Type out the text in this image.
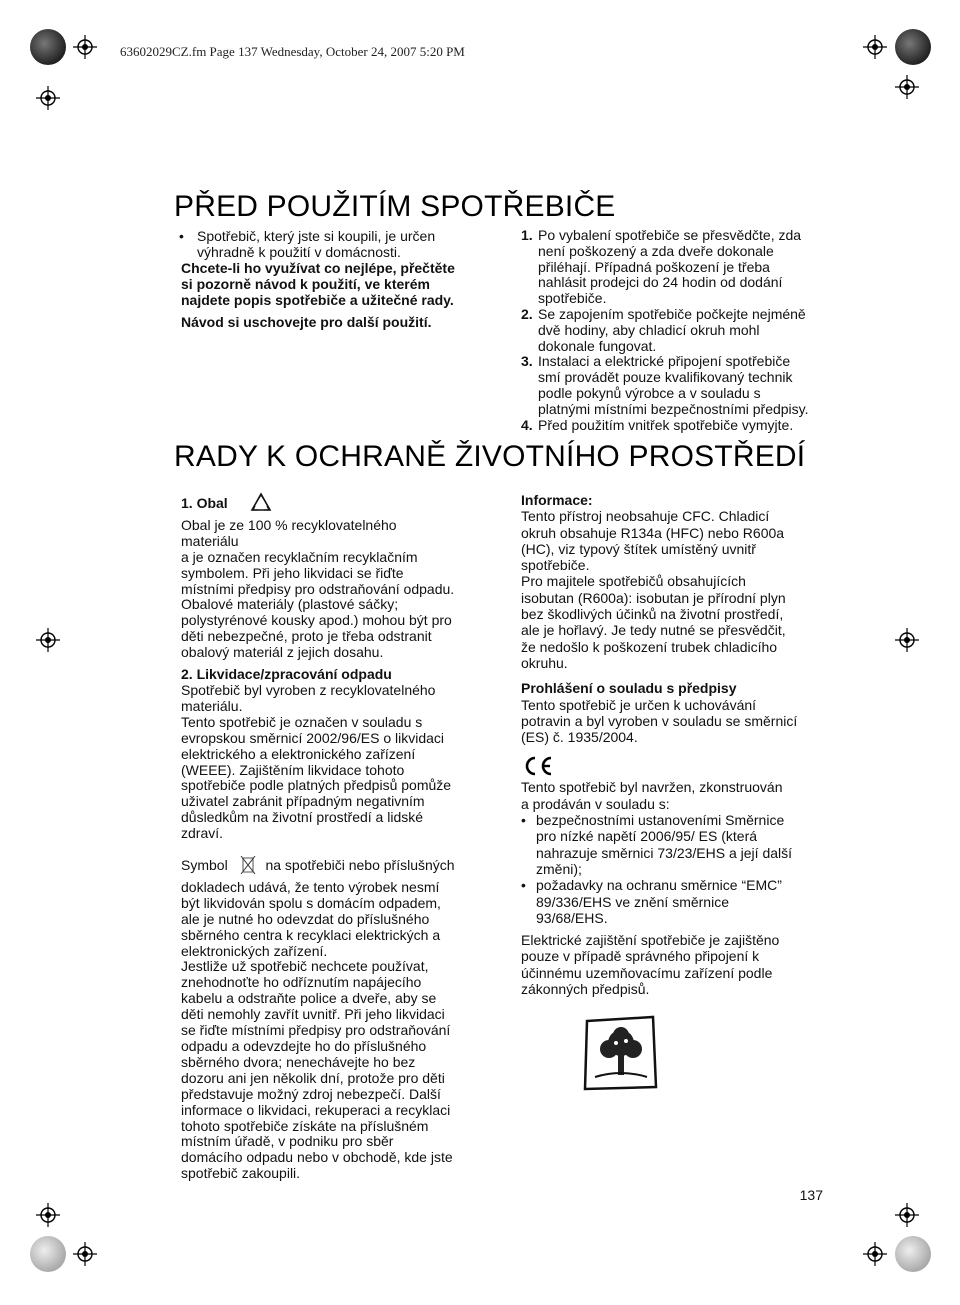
63602029CZ.fm Page 137 Wednesday, October 24, 2007 5:20 PM
PŘED POUŽITÍM SPOTŘEBIČE

• Spotřebič, který jste si koupili, je určen
výhradně k použití v domácnosti.

Chcete-li ho využívat co nejlépe, přečtěte
si pozorně návod k použití, ve kterém
najdete popis spotřebiče a užitečné rady.
Návod si uschovejte pro další použití.

1. Po vybalení spotřebiče se přesvědčte, zda
není poškozený a zda dveře dokonale
přiléhají. Případná poškození je třeba
nahlásit prodejci do 24 hodin od dodání
spotřebiče.

2. Se zapojením spotřebiče počkejte nejméně
dvě hodiny, aby chladicí okruh mohl
dokonale fungovat.

3. Instalaci a elektrické připojení spotřebiče
smí provádět pouze kvalifikovaný technik
podle pokynů výrobce a v souladu s
platnými místními bezpečnostními předpisy.

4. Před použitím vnitřek spotřebiče vymyjte.

RADY K OCHRANĚ ŽIVOTNÍHO PROSTŘEDÍ

1. Obal

Obal je ze 100 % recyklovatelného

materiálu

a je označen recyklačním recyklačním

symbolem. Při jeho likvidaci se řiďte

místními předpisy pro odstraňování odpadu.

Obalové materiály (plastové sáčky;

polystyrénové kousky apod.) mohou být pro

děti nebezpečné, proto je třeba odstranit

obalový materiál z jejich dosahu.

2. Likvidace/zpracování odpadu

Spotřebič byl vyroben z recyklovatelného

materiálu.

Tento spotřebič je označen v souladu s

evropskou směrnicí 2002/96/ES o likvidaci

elektrického a elektronického zařízení

(WEEE). Zajištěním likvidace tohoto

spotřebiče podle platných předpisů pomůže

uživatel zabránit případným negativním

důsledkům na životní prostředí a lidské

zdraví.

Symbol	na spotřebiči nebo příslušných

dokladech udává, že tento výrobek nesmí

být likvidován spolu s domácím odpadem,

ale je nutné ho odevzdat do příslušného

sběrného centra k recyklaci elektrických a

elektronických zařízení.

Jestliže už spotřebič nechcete používat,

znehodnoťte ho odříznutím napájecího

kabelu a odstraňte police a dveře, aby se

děti nemohly zavřít uvnitř. Při jeho likvidaci

se řiďte místními předpisy pro odstraňování

odpadu a odevzdejte ho do příslušného

sběrného dvora; nenechávejte ho bez

dozoru ani jen několik dní, protože pro děti

představuje možný zdroj nebezpečí. Další

informace o likvidaci, rekuperaci a recyklaci

tohoto spotřebiče získáte na příslušném

místním úřadě, v podniku pro sběr

domácího odpadu nebo v obchodě, kde jste

spotřebič zakoupili.

Informace:

Tento přístroj neobsahuje CFC. Chladicí

okruh obsahuje R134a (HFC) nebo R600a

(HC), viz typový štítek umístěný uvnitř

spotřebiče.

Pro majitele spotřebičů obsahujících

isobutan (R600a): isobutan je přírodní plyn

bez škodlivých účinků na životní prostředí,

ale je hořlavý. Je tedy nutné se přesvědčit,

že nedošlo k poškození trubek chladicího

okruhu.

Prohlášení o souladu s předpisy

Tento spotřebič je určen k uchovávání

potravin a byl vyroben v souladu se směrnicí

(ES) č. 1935/2004.

Tento spotřebič byl navržen, zkonstruován

a prodáván v souladu s:

• bezpečnostními ustanoveními Směrnice
pro nízké napětí 2006/95/ ES (která
nahrazuje směrnici 73/23/EHS a její další
změni);
• požadavky na ochranu směrnice “EMC”
89/336/EHS ve znění směrnice
93/68/EHS.

Elektrické zajištění spotřebiče je zajištěno

pouze v případě správného připojení k

účinnému uzemňovacímu zařízení podle

zákonných předpisů.

137
